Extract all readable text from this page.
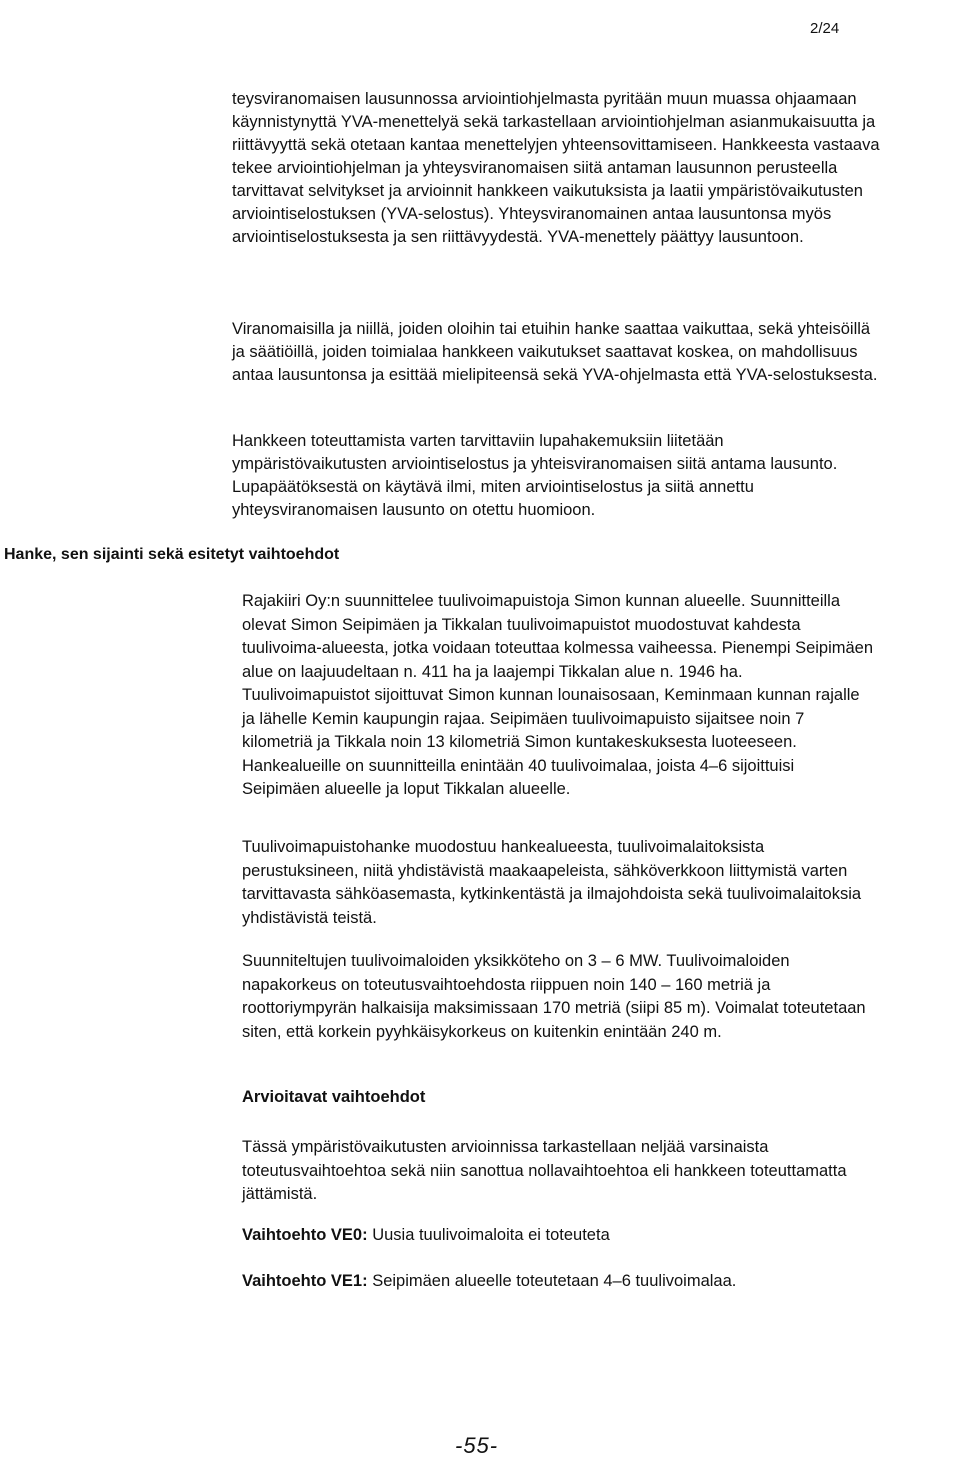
2/24

teysviranomaisen lausunnossa arviointiohjelmasta pyritään muun muassa ohjaamaan käynnistynyttä YVA-menettelyä sekä tarkastellaan arviointiohjelman asianmukaisuutta ja riittävyyttä sekä otetaan kantaa menettelyjen yhteensovittamiseen. Hankkeesta vastaava tekee arviointiohjelman ja yhteysviranomaisen siitä antaman lausunnon perusteella tarvittavat selvitykset ja arvioinnit hankkeen vaikutuksista ja laatii ympäristövaikutusten arviointiselostuksen (YVA-selostus). Yhteysviranomainen antaa lausuntonsa myös arviointiselostuksesta ja sen riittävyydestä. YVA-menettely päättyy lausuntoon.

Viranomaisilla ja niillä, joiden oloihin tai etuihin hanke saattaa vaikuttaa, sekä yhteisöillä ja säätiöillä, joiden toimialaa hankkeen vaikutukset saattavat koskea, on mahdollisuus antaa lausuntonsa ja esittää mielipiteensä sekä YVA-ohjelmasta että YVA-selostuksesta.

Hankkeen toteuttamista varten tarvittaviin lupahakemuksiin liitetään ympäristövaikutusten arviointiselostus ja yhteisviranomaisen siitä antama lausunto. Lupapäätöksestä on käytävä ilmi, miten arviointiselostus ja siitä annettu yhteysviranomaisen lausunto on otettu huomioon.

Hanke, sen sijainti sekä esitetyt vaihtoehdot

Rajakiiri Oy:n suunnittelee tuulivoimapuistoja Simon kunnan alueelle. Suunnitteilla olevat Simon Seipimäen ja Tikkalan tuulivoimapuistot muodostuvat kahdesta tuulivoima-alueesta, jotka voidaan toteuttaa kolmessa vaiheessa. Pienempi Seipimäen alue on laajuudeltaan n. 411 ha ja laajempi Tikkalan alue n. 1946 ha. Tuulivoimapuistot sijoittuvat Simon kunnan lounaisosaan, Keminmaan kunnan rajalle ja lähelle Kemin kaupungin rajaa. Seipimäen tuulivoimapuisto sijaitsee noin 7 kilometriä ja Tikkala noin 13 kilometriä Simon kuntakeskuksesta luoteeseen. Hankealueille on suunnitteilla enintään 40 tuulivoimalaa, joista 4–6 sijoittuisi Seipimäen alueelle ja loput Tikkalan alueelle.

Tuulivoimapuistohanke muodostuu hankealueesta, tuulivoimalaitoksista perustuksineen, niitä yhdistävistä maakaapeleista, sähköverkkoon liittymistä varten tarvittavasta sähköasemasta, kytkinkentästä ja ilmajohdoista sekä tuulivoimalaitoksia yhdistävistä teistä.

Suunniteltujen tuulivoimaloiden yksikköteho on 3 – 6 MW. Tuulivoimaloiden napakorkeus on toteutusvaihtoehdosta riippuen noin 140 – 160 metriä ja roottoriympyrän halkaisija maksimissaan 170 metriä (siipi 85 m). Voimalat toteutetaan siten, että korkein pyyhkäisykorkeus on kuitenkin enintään 240 m.

Arvioitavat vaihtoehdot

Tässä ympäristövaikutusten arvioinnissa tarkastellaan neljää varsinaista toteutusvaihtoehtoa sekä niin sanottua nollavaihtoehtoa eli hankkeen toteuttamatta jättämistä.

Vaihtoehto VE0: Uusia tuulivoimaloita ei toteuteta

Vaihtoehto VE1: Seipimäen alueelle toteutetaan 4–6 tuulivoimalaa.

-55-
